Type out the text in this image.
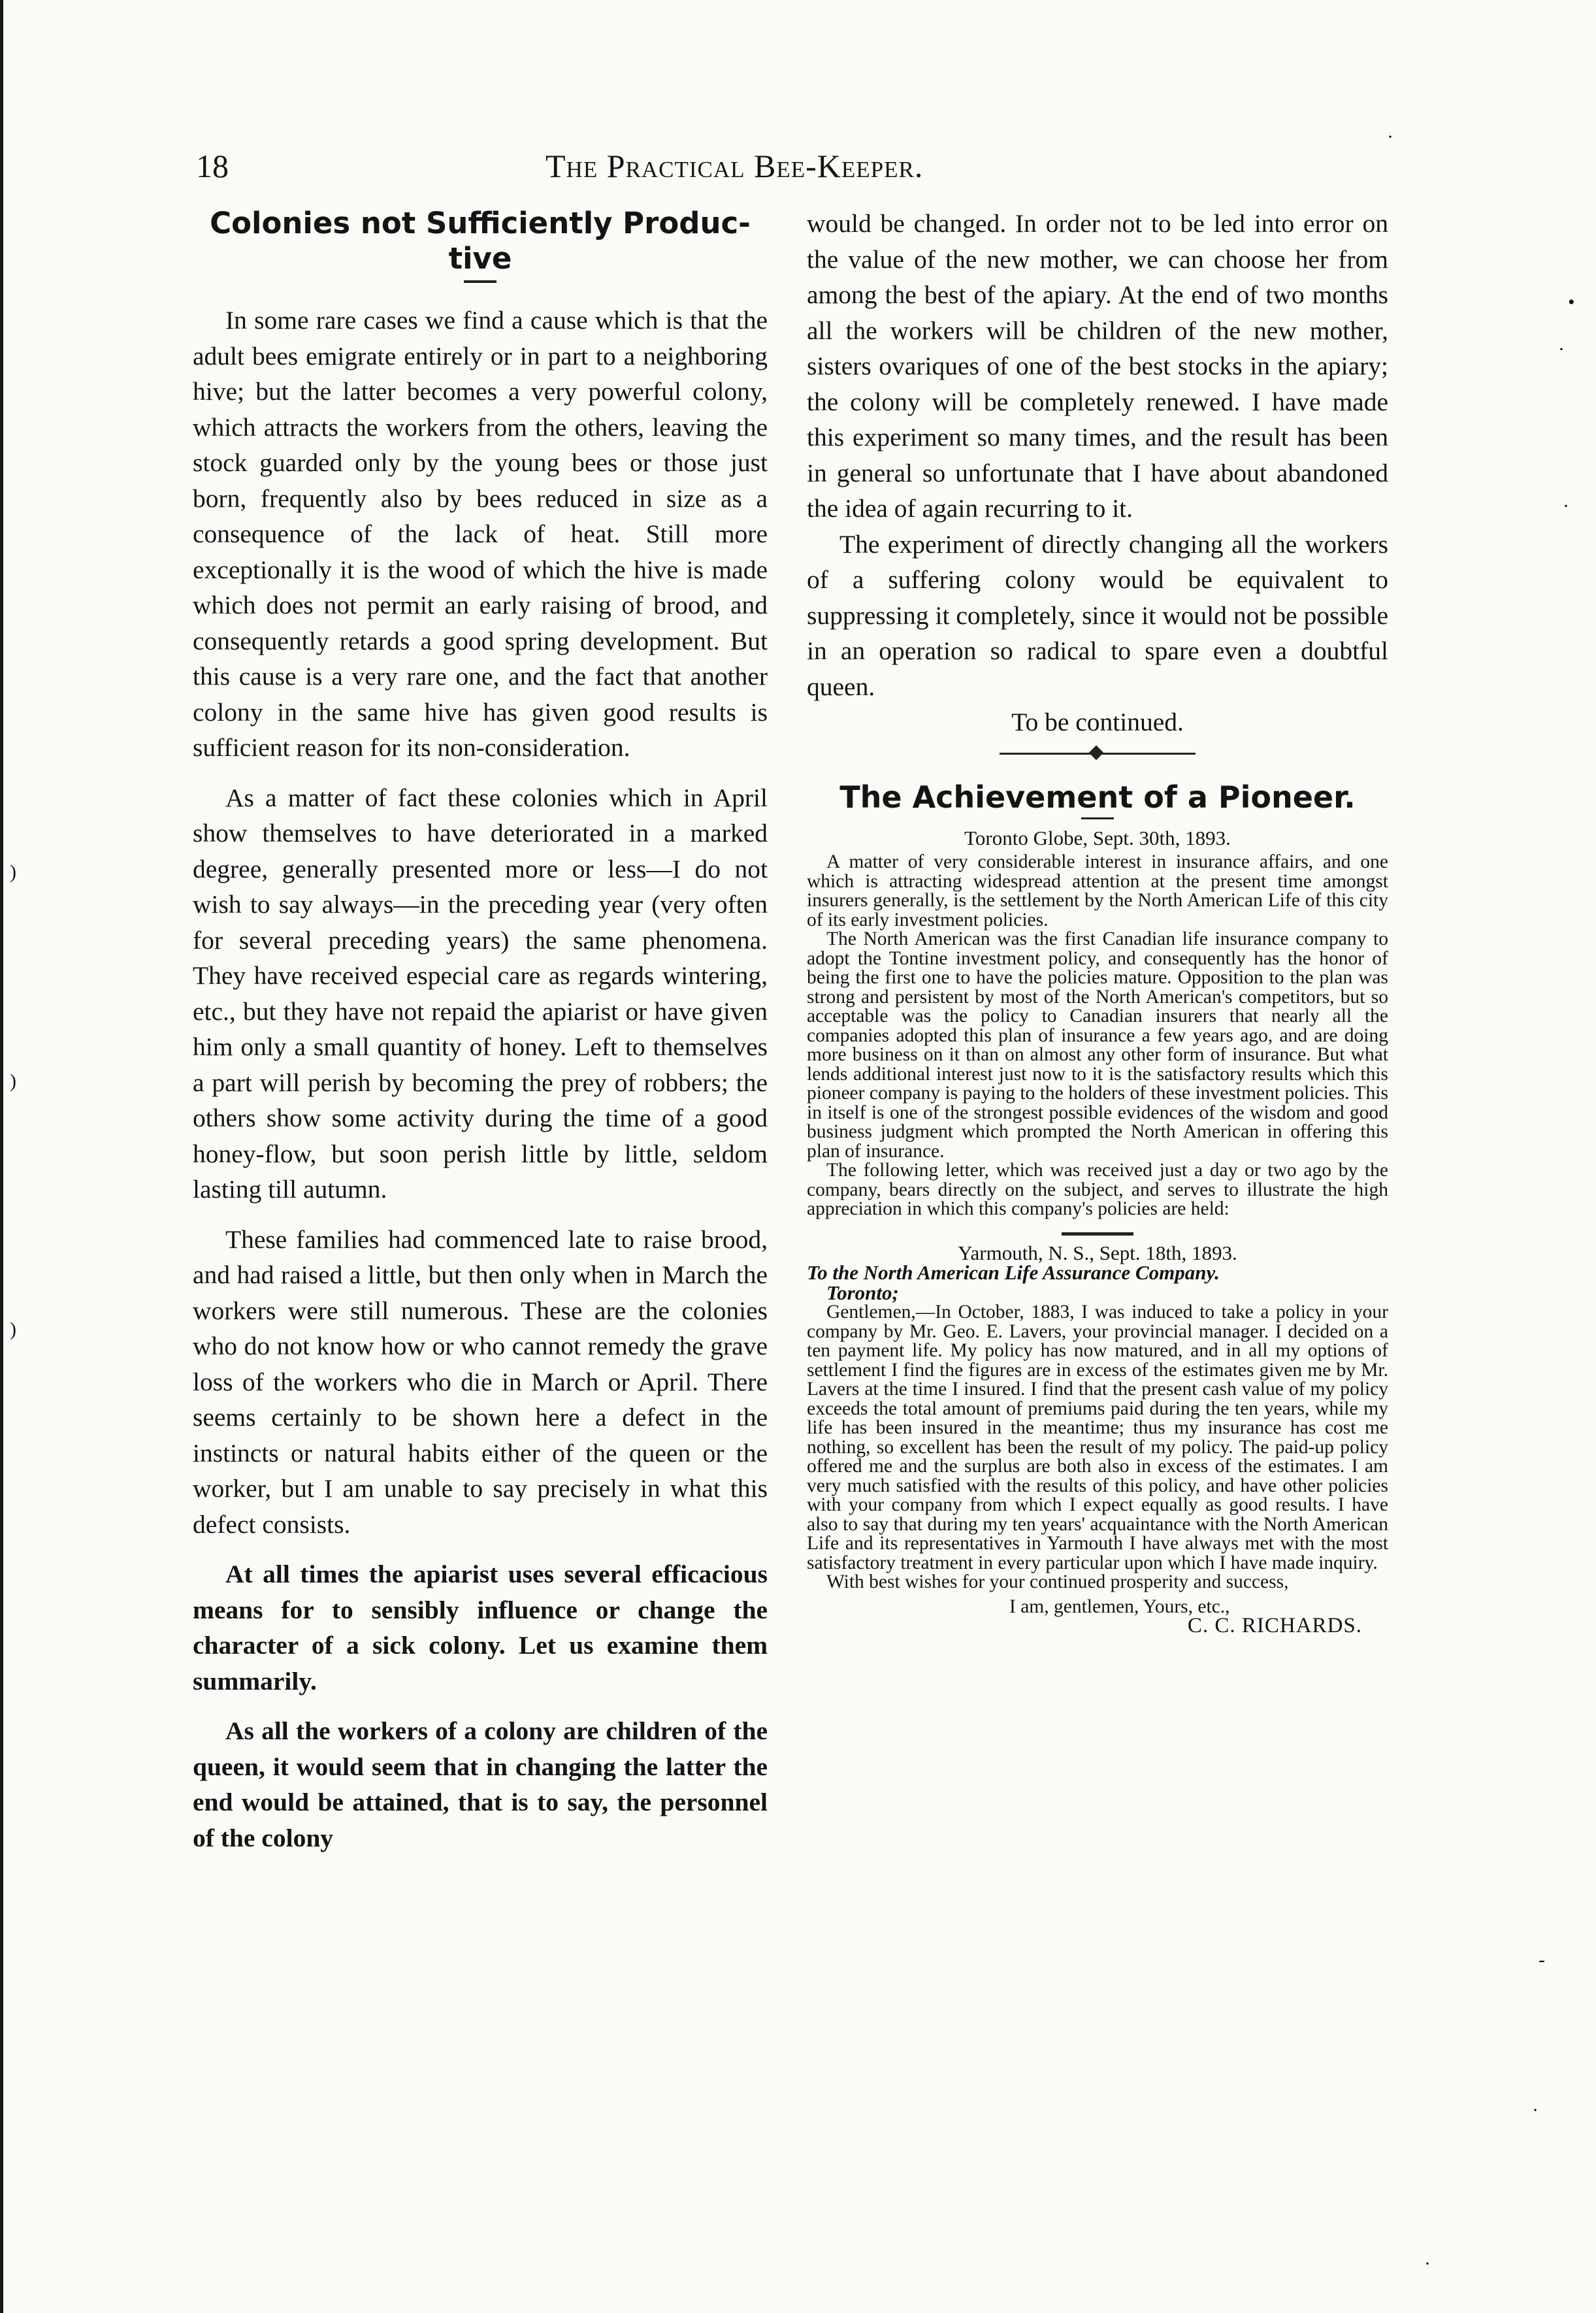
·
•
·
·
)
)
)
-
·
·
18	The Practical Bee-Keeper.
Colonies not Sufficiently Produc-
tive

In some rare cases we find a cause which is that the adult bees emigrate entirely or in part to a neighboring hive; but the latter becomes a very powerful colony, which attracts the workers from the others, leaving the stock guarded only by the young bees or those just born, frequently also by bees reduced in size as a consequence of the lack of heat. Still more exceptionally it is the wood of which the hive is made which does not permit an early raising of brood, and consequently retards a good spring development. But this cause is a very rare one, and the fact that another colony in the same hive has given good results is sufficient reason for its non-consideration.

As a matter of fact these colonies which in April show themselves to have deteriorated in a marked degree, generally presented more or less—I do not wish to say always—in the preceding year (very often for several preceding years) the same phenomena. They have received especial care as regards wintering, etc., but they have not repaid the apiarist or have given him only a small quantity of honey. Left to themselves a part will perish by becoming the prey of robbers; the others show some activity during the time of a good honey-flow, but soon perish little by little, seldom lasting till autumn.

These families had commenced late to raise brood, and had raised a little, but then only when in March the workers were still numerous. These are the colonies who do not know how or who cannot remedy the grave loss of the workers who die in March or April. There seems certainly to be shown here a defect in the instincts or natural habits either of the queen or the worker, but I am unable to say precisely in what this defect consists.

At all times the apiarist uses several efficacious means for to sensibly influence or change the character of a sick colony. Let us examine them summarily.

As all the workers of a colony are children of the queen, it would seem that in changing the latter the end would be attained, that is to say, the personnel of the colony

would be changed. In order not to be led into error on the value of the new mother, we can choose her from among the best of the apiary. At the end of two months all the workers will be children of the new mother, sisters ovariques of one of the best stocks in the apiary; the colony will be completely renewed. I have made this experiment so many times, and the result has been in general so unfortunate that I have about abandoned the idea of again recurring to it.

The experiment of directly changing all the workers of a suffering colony would be equivalent to suppressing it completely, since it would not be possible in an operation so radical to spare even a doubtful queen.

To be continued.

The Achievement of a Pioneer.

Toronto Globe, Sept. 30th, 1893.

A matter of very considerable interest in insurance affairs, and one which is attracting widespread attention at the present time amongst insurers generally, is the settlement by the North American Life of this city of its early investment policies.

The North American was the first Canadian life insurance company to adopt the Tontine investment policy, and consequently has the honor of being the first one to have the policies mature. Opposition to the plan was strong and persistent by most of the North American's competitors, but so acceptable was the policy to Canadian insurers that nearly all the companies adopted this plan of insurance a few years ago, and are doing more business on it than on almost any other form of insurance. But what lends additional interest just now to it is the satisfactory results which this pioneer company is paying to the holders of these investment policies. This in itself is one of the strongest possible evidences of the wisdom and good business judgment which prompted the North American in offering this plan of insurance.

The following letter, which was received just a day or two ago by the company, bears directly on the subject, and serves to illustrate the high appreciation in which this company's policies are held:

Yarmouth, N. S., Sept. 18th, 1893.

To the North American Life Assurance Company.

Toronto;

Gentlemen,—In October, 1883, I was induced to take a policy in your company by Mr. Geo. E. Lavers, your provincial manager. I decided on a ten payment life. My policy has now matured, and in all my options of settlement I find the figures are in excess of the estimates given me by Mr. Lavers at the time I insured. I find that the present cash value of my policy exceeds the total amount of premiums paid during the ten years, while my life has been insured in the meantime; thus my insurance has cost me nothing, so excellent has been the result of my policy. The paid-up policy offered me and the surplus are both also in excess of the estimates. I am very much satisfied with the results of this policy, and have other policies with your company from which I expect equally as good results. I have also to say that during my ten years' acquaintance with the North American Life and its representatives in Yarmouth I have always met with the most satisfactory treatment in every particular upon which I have made inquiry.

With best wishes for your continued prosperity and success,

I am, gentlemen, Yours, etc.,

C. C. RICHARDS.
